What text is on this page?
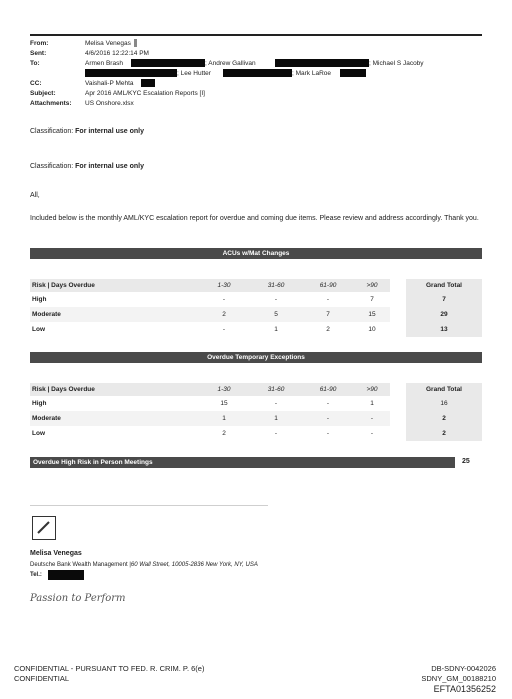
From:	Melisa Venegas
Sent:	4/6/2016 12:22:14 PM
To:	Armen Brash	; Andrew Gallivan	; Michael S Jacoby
; Lee Hutter	; Mark LaRoe
CC:	Vaishali-P Mehta
Subject:	Apr 2016 AML/KYC Escalation Reports [I]
Attachments: US Onshore.xlsx
Classification: For internal use only
Classification: For internal use only
All,
Included below is the monthly AML/KYC escalation report for overdue and coming due items. Please review and address accordingly. Thank you.
ACUs w/Mat Changes
Risk | Days Overdue	1-30	31-60	61-90	>90		Grand Total
High	-	-	-	7		7
Moderate	2	5	7	15		29
Low	-	1	2	10		13
Overdue Temporary Exceptions
Risk | Days Overdue	1-30	31-60	61-90	>90		Grand Total
High	15	-	-	1		16
Moderate	1	1	-	-		2
Low	2	-	-	-		2
Overdue High Risk in Person Meetings	25
Melisa Venegas
Deutsche Bank Wealth Management |60 Wall Street, 10005-2836 New York, NY, USA
Tel.:
Passion to Perform
CONFIDENTIAL - PURSUANT TO FED. R. CRIM. P. 6(e)
CONFIDENTIAL
DB-SDNY-0042026
SDNY_GM_00188210
EFTA01356252
